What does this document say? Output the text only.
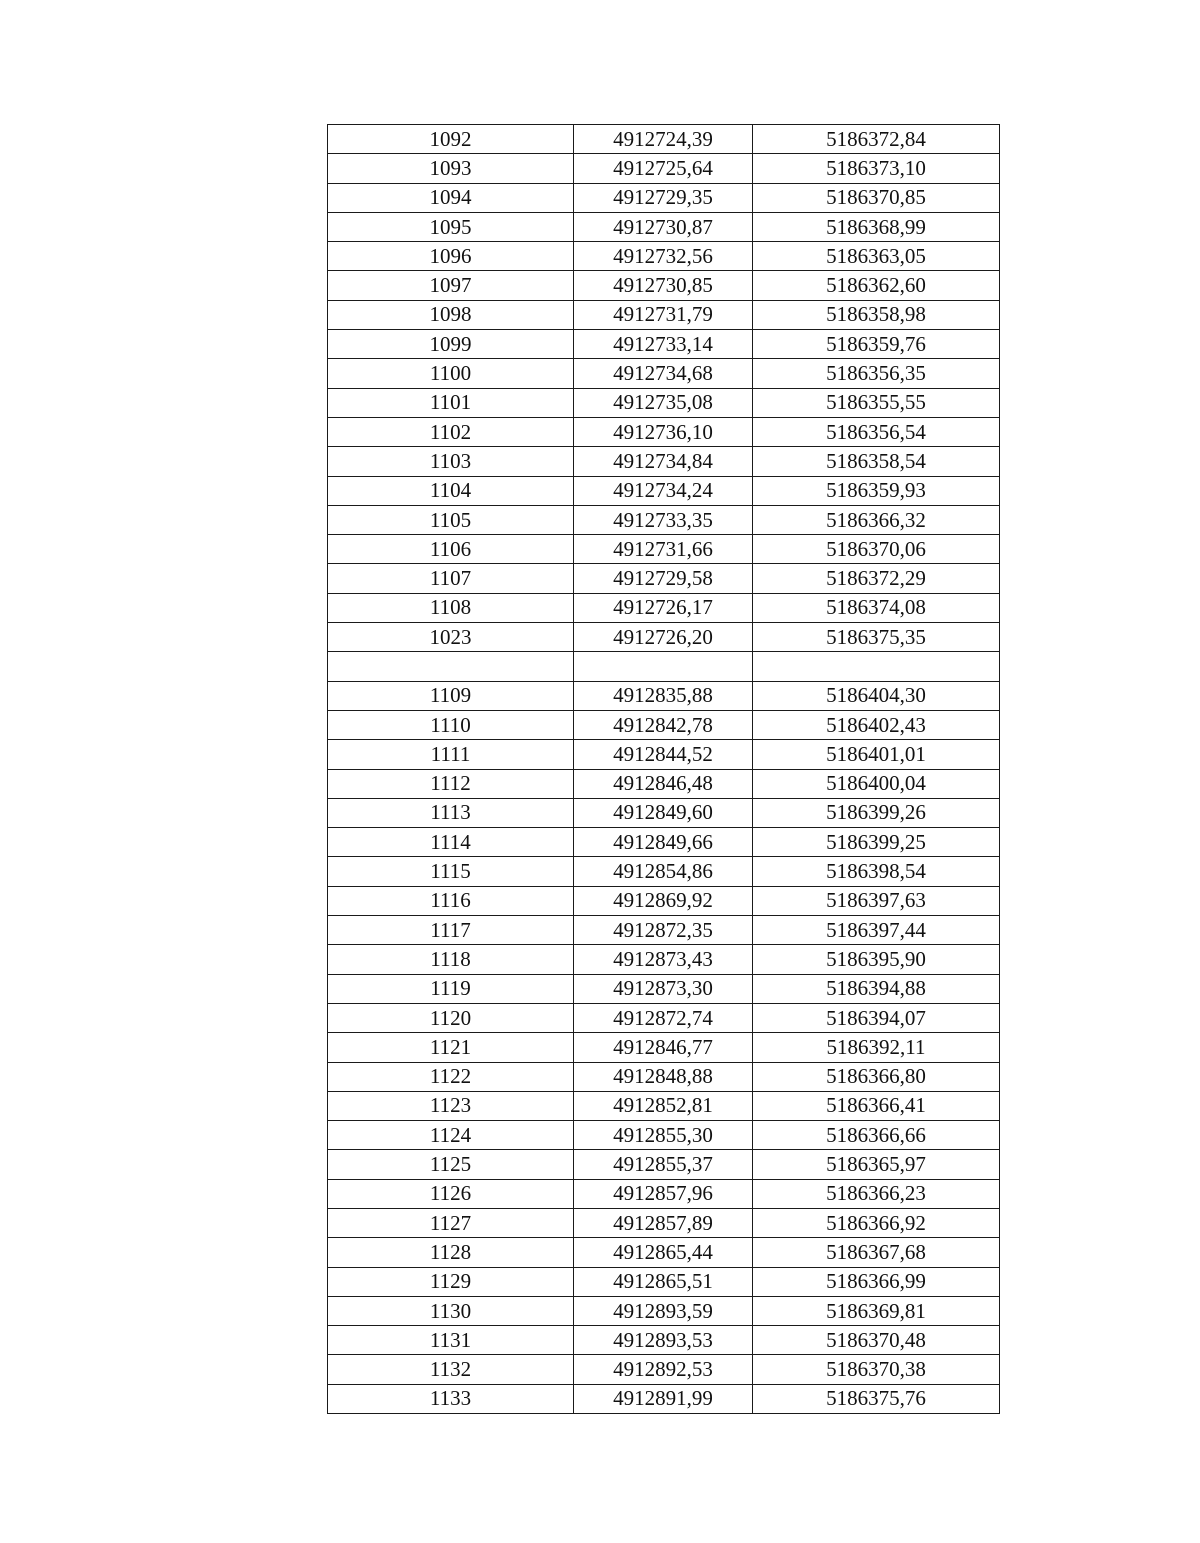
1092	4912724,39	5186372,84
1093	4912725,64	5186373,10
1094	4912729,35	5186370,85
1095	4912730,87	5186368,99
1096	4912732,56	5186363,05
1097	4912730,85	5186362,60
1098	4912731,79	5186358,98
1099	4912733,14	5186359,76
1100	4912734,68	5186356,35
1101	4912735,08	5186355,55
1102	4912736,10	5186356,54
1103	4912734,84	5186358,54
1104	4912734,24	5186359,93
1105	4912733,35	5186366,32
1106	4912731,66	5186370,06
1107	4912729,58	5186372,29
1108	4912726,17	5186374,08
1023	4912726,20	5186375,35

1109	4912835,88	5186404,30
1110	4912842,78	5186402,43
1111	4912844,52	5186401,01
1112	4912846,48	5186400,04
1113	4912849,60	5186399,26
1114	4912849,66	5186399,25
1115	4912854,86	5186398,54
1116	4912869,92	5186397,63
1117	4912872,35	5186397,44
1118	4912873,43	5186395,90
1119	4912873,30	5186394,88
1120	4912872,74	5186394,07
1121	4912846,77	5186392,11
1122	4912848,88	5186366,80
1123	4912852,81	5186366,41
1124	4912855,30	5186366,66
1125	4912855,37	5186365,97
1126	4912857,96	5186366,23
1127	4912857,89	5186366,92
1128	4912865,44	5186367,68
1129	4912865,51	5186366,99
1130	4912893,59	5186369,81
1131	4912893,53	5186370,48
1132	4912892,53	5186370,38
1133	4912891,99	5186375,76
